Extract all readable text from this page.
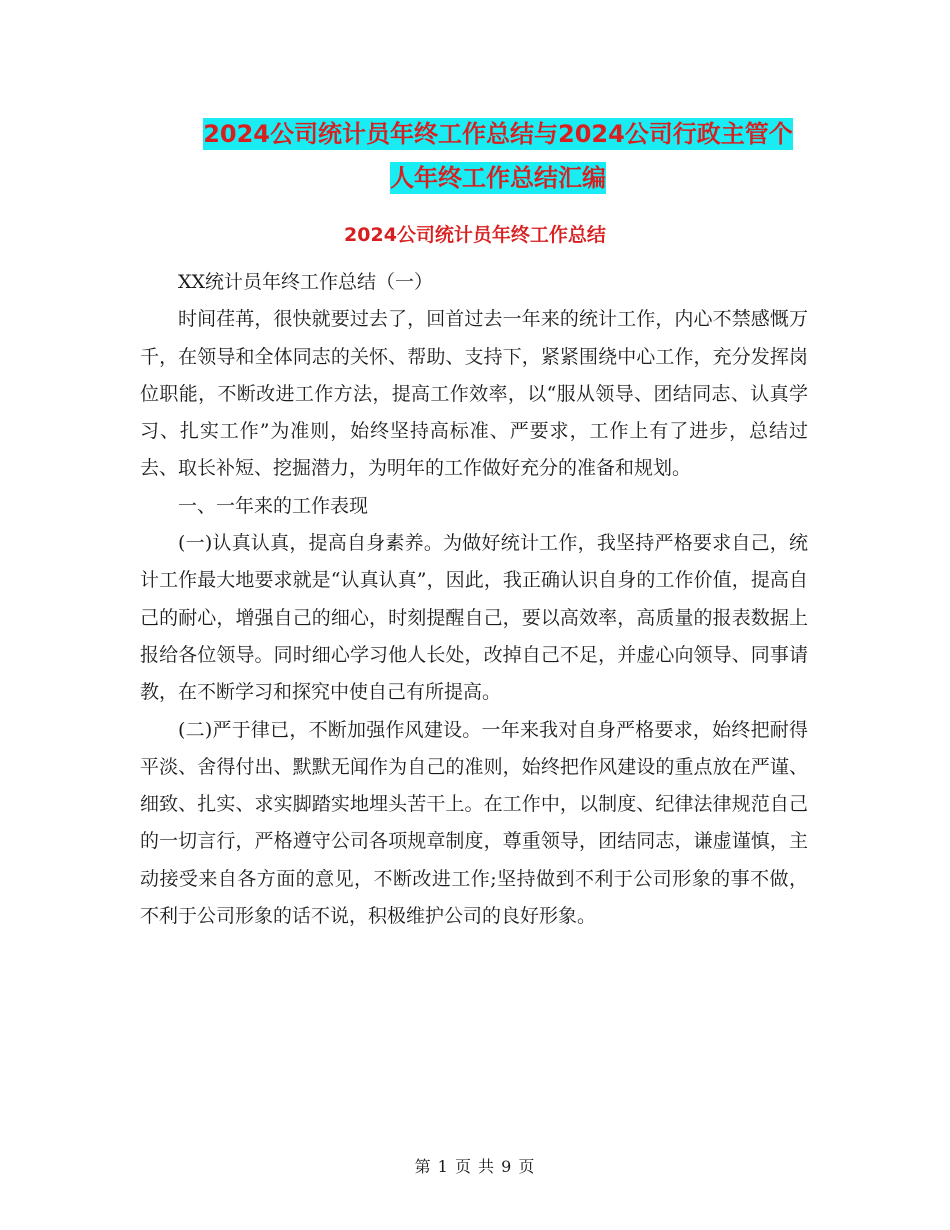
2024公司统计员年终工作总结与2024公司行政主管个
人年终工作总结汇编
2024公司统计员年终工作总结

XX统计员年终工作总结（一）

时间荏苒，很快就要过去了，回首过去一年来的统计工作，内心不禁感慨万千，在领导和全体同志的关怀、帮助、支持下，紧紧围绕中心工作，充分发挥岗位职能，不断改进工作方法，提高工作效率，以“服从领导、团结同志、认真学习、扎实工作”为准则，始终坚持高标准、严要求，工作上有了进步，总结过去、取长补短、挖掘潜力，为明年的工作做好充分的准备和规划。

一、一年来的工作表现

(一)认真认真，提高自身素养。为做好统计工作，我坚持严格要求自己，统计工作最大地要求就是“认真认真”，因此，我正确认识自身的工作价值，提高自己的耐心，增强自己的细心，时刻提醒自己，要以高效率，高质量的报表数据上报给各位领导。同时细心学习他人长处，改掉自己不足，并虚心向领导、同事请教，在不断学习和探究中使自己有所提高。

(二)严于律已，不断加强作风建设。一年来我对自身严格要求，始终把耐得平淡、舍得付出、默默无闻作为自己的准则，始终把作风建设的重点放在严谨、细致、扎实、求实脚踏实地埋头苦干上。在工作中，以制度、纪律法律规范自己的一切言行，严格遵守公司各项规章制度，尊重领导，团结同志，谦虚谨慎，主动接受来自各方面的意见，不断改进工作;坚持做到不利于公司形象的事不做，不利于公司形象的话不说，积极维护公司的良好形象。

第 1 页 共 9 页
